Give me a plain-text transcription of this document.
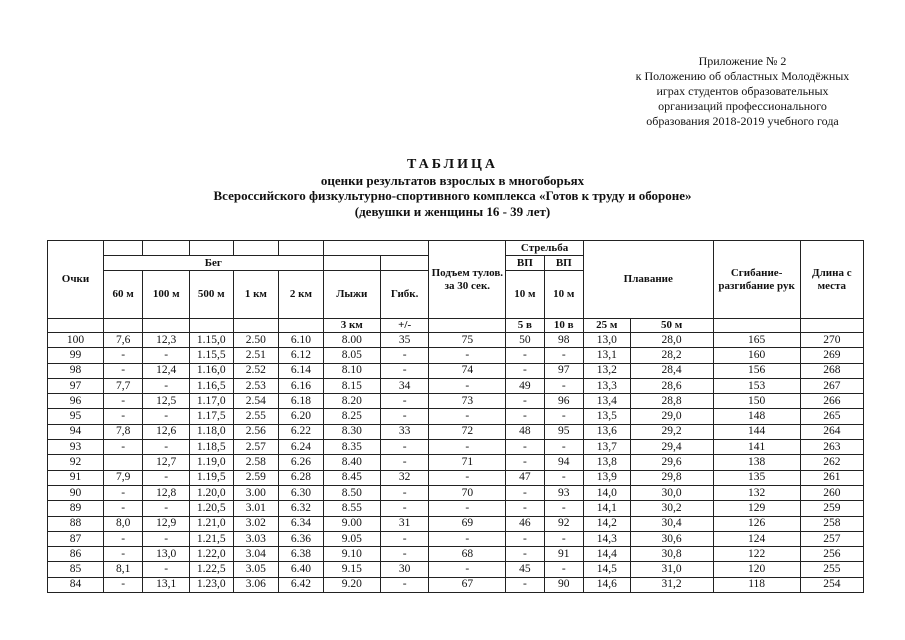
Приложение № 2
к Положению об областных Молодёжных
играх студентов образовательных
организаций профессионального
образования 2018-2019 учебного года
ТАБЛИЦА
оценки результатов взрослых в многоборьях
Всероссийского физкультурно-спортивного комплекса «Готов к труду и обороне»
(девушки и женщины 16 - 39 лет)
Очки								Подъем тулов. за 30 сек.	Стрельба		Плавание		Сгибание-разгибание рук	Длина с места
	Бег								ВП	ВП				
	60 м	100 м	500 м	1 км	2 км	Лыжи	Гибк.		10 м	10 м				
						3 км	+/-		5 в	10 в	25 м	50 м		
100	7,6	12,3	1.15,0	2.50	6.10	8.00	35	75	50	98	13,0	28,0	165	270
99	-	-	1.15,5	2.51	6.12	8.05	-	-	-	-	13,1	28,2	160	269
98	-	12,4	1.16,0	2.52	6.14	8.10	-	74	-	97	13,2	28,4	156	268
97	7,7	-	1.16,5	2.53	6.16	8.15	34	-	49	-	13,3	28,6	153	267
96	-	12,5	1.17,0	2.54	6.18	8.20	-	73	-	96	13,4	28,8	150	266
95	-	-	1.17,5	2.55	6.20	8.25	-	-	-	-	13,5	29,0	148	265
94	7,8	12,6	1.18,0	2.56	6.22	8.30	33	72	48	95	13,6	29,2	144	264
93	-	-	1.18,5	2.57	6.24	8.35	-	-	-	-	13,7	29,4	141	263
92		12,7	1.19,0	2.58	6.26	8.40	-	71	-	94	13,8	29,6	138	262
91	7,9	-	1.19,5	2.59	6.28	8.45	32	-	47	-	13,9	29,8	135	261
90	-	12,8	1.20,0	3.00	6.30	8.50	-	70	-	93	14,0	30,0	132	260
89	-	-	1.20,5	3.01	6.32	8.55	-	-	-	-	14,1	30,2	129	259
88	8,0	12,9	1.21,0	3.02	6.34	9.00	31	69	46	92	14,2	30,4	126	258
87	-	-	1.21,5	3.03	6.36	9.05	-	-	-	-	14,3	30,6	124	257
86	-	13,0	1.22,0	3.04	6.38	9.10	-	68	-	91	14,4	30,8	122	256
85	8,1	-	1.22,5	3.05	6.40	9.15	30	-	45	-	14,5	31,0	120	255
84	-	13,1	1.23,0	3.06	6.42	9.20	-	67	-	90	14,6	31,2	118	254
